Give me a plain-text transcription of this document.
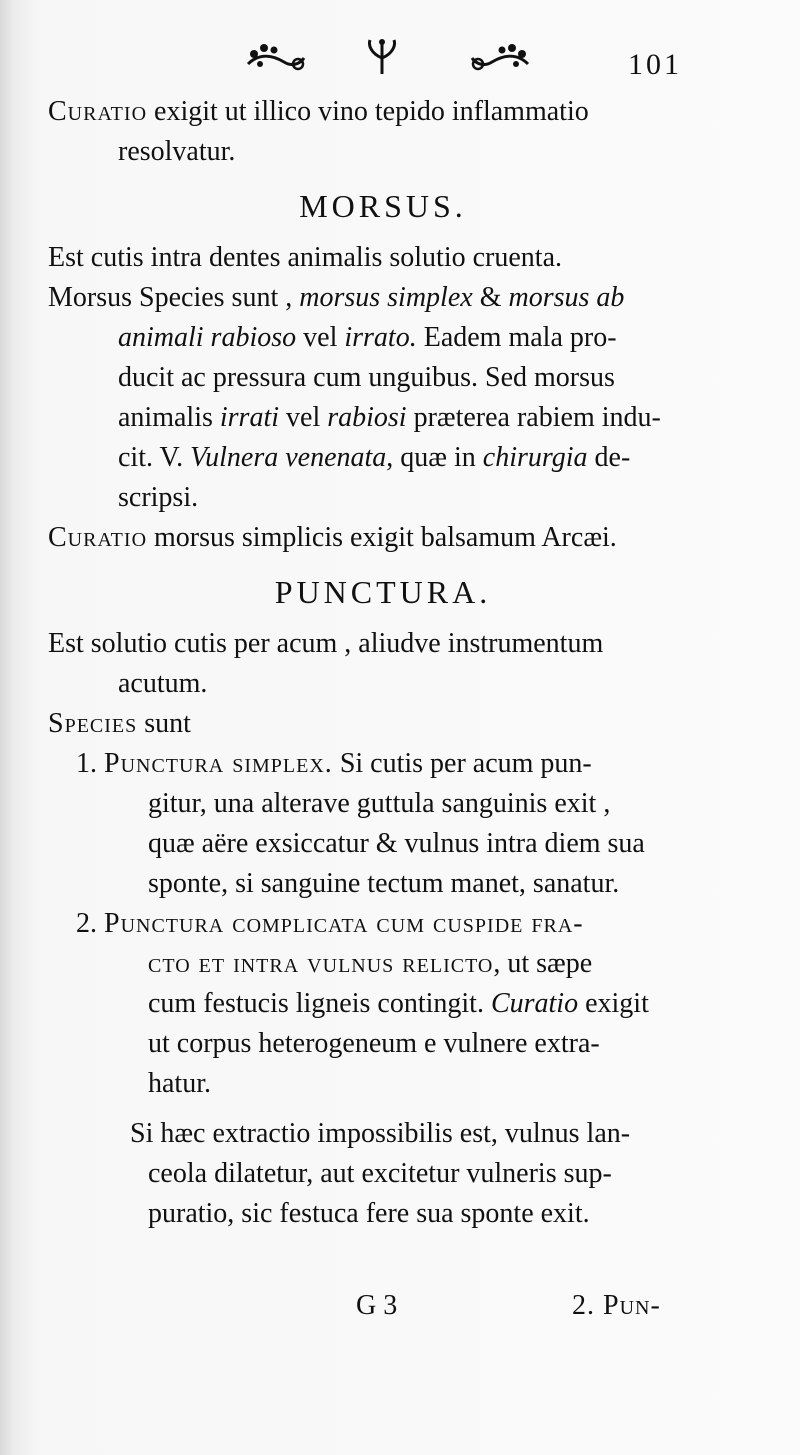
101
Curatio exigit ut illico vino tepido inflammatio
resolvatur.
MORSUS.
Est cutis intra dentes animalis solutio cruenta.
Morsus Species sunt , morsus simplex & morsus ab
animali rabioso vel irrato. Eadem mala pro-
ducit ac pressura cum unguibus. Sed morsus
animalis irrati vel rabiosi præterea rabiem indu-
cit. V. Vulnera venenata, quæ in chirurgia de-
scripsi.
Curatio morsus simplicis exigit balsamum Arcæi.
PUNCTURA.
Est solutio cutis per acum , aliudve instrumentum
acutum.
Species sunt
1. Punctura simplex. Si cutis per acum pun-
gitur, una alterave guttula sanguinis exit ,
quæ aëre exsiccatur & vulnus intra diem sua
sponte, si sanguine tectum manet, sanatur.
2. Punctura complicata cum cuspide fra-
cto et intra vulnus relicto, ut sæpe
cum festucis ligneis contingit. Curatio exigit
ut corpus heterogeneum e vulnere extra-
hatur.
Si hæc extractio impossibilis est, vulnus lan-
ceola dilatetur, aut excitetur vulneris sup-
puratio, sic festuca fere sua sponte exit.
G 3	2. Pun-
